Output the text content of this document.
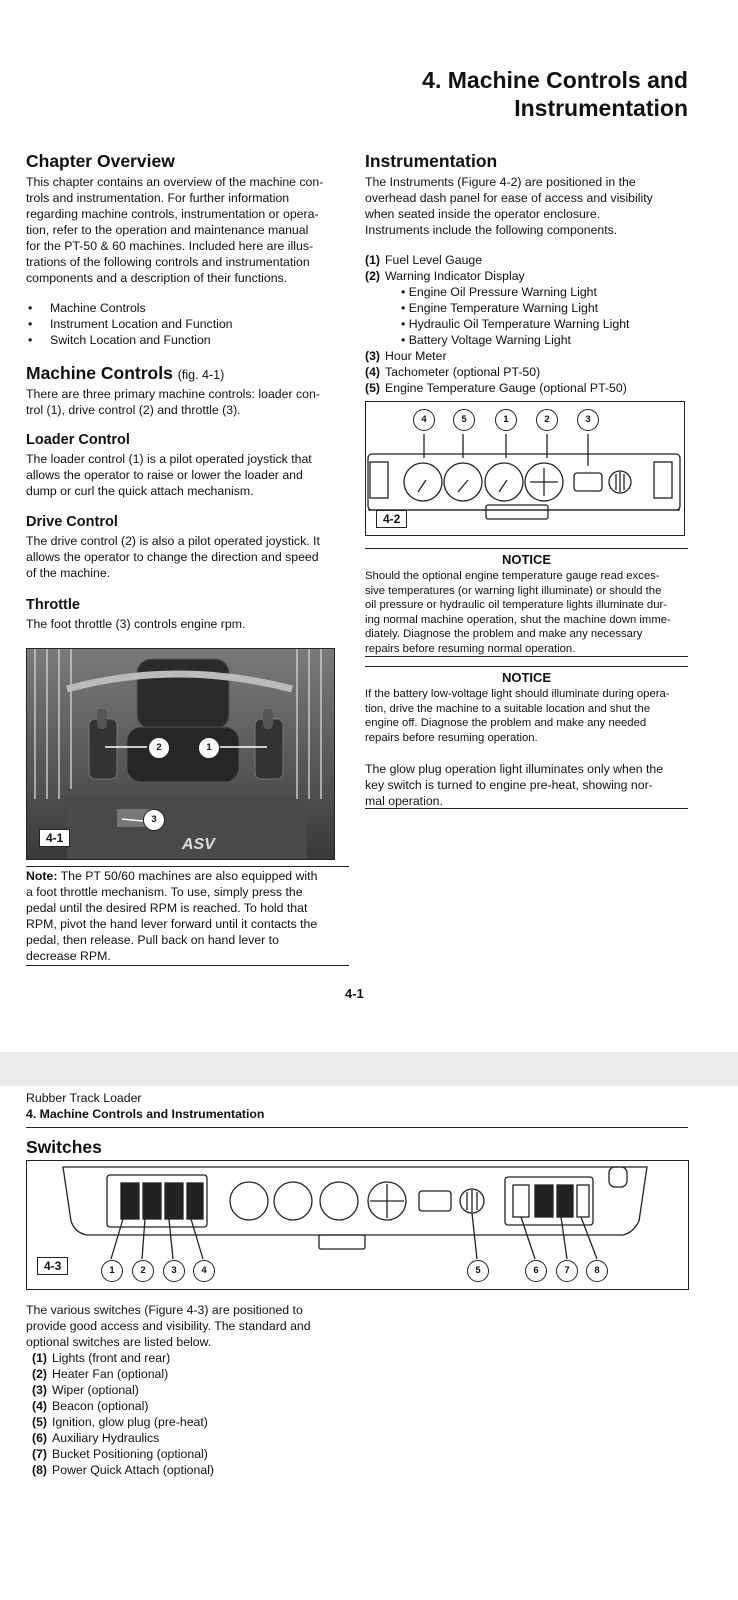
4. Machine Controls and
Instrumentation
Chapter Overview
This chapter contains an overview of the machine con-
trols and instrumentation. For further information
regarding machine controls, instrumentation or opera-
tion, refer to the operation and maintenance manual
for the PT-50 & 60 machines. Included here are illus-
trations of the following controls and instrumentation
components and a description of their functions.
• Machine Controls
• Instrument Location and Function
• Switch Location and Function
Machine Controls (fig. 4-1)
There are three primary machine controls: loader con-
trol (1), drive control (2) and throttle (3).
Loader Control
The loader control (1) is a pilot operated joystick that
allows the operator to raise or lower the loader and
dump or curl the quick attach mechanism.
Drive Control
The drive control (2) is also a pilot operated joystick. It
allows the operator to change the direction and speed
of the machine.
Throttle
The foot throttle (3) controls engine rpm.
ASV
2	1
3
4-1
Note: The PT 50/60 machines are also equipped with
a foot throttle mechanism. To use, simply press the
pedal until the desired RPM is reached. To hold that
RPM, pivot the hand lever forward until it contacts the
pedal, then release. Pull back on hand lever to
decrease RPM.
Instrumentation
The Instruments (Figure 4-2) are positioned in the
overhead dash panel for ease of access and visibility
when seated inside the operator enclosure.
Instruments include the following components.
(1) Fuel Level Gauge
(2) Warning Indicator Display
• Engine Oil Pressure Warning Light
• Engine Temperature Warning Light
• Hydraulic Oil Temperature Warning Light
• Battery Voltage Warning Light
(3) Hour Meter
(4) Tachometer (optional PT-50)
(5) Engine Temperature Gauge (optional PT-50)
4	5	1	2	3
4-2
NOTICE
Should the optional engine temperature gauge read exces-
sive temperatures (or warning light illuminate) or should the
oil pressure or hydraulic oil temperature lights illuminate dur-
ing normal machine operation, shut the machine down imme-
diately. Diagnose the problem and make any necessary
repairs before resuming normal operation.
NOTICE
If the battery low-voltage light should illuminate during opera-
tion, drive the machine to a suitable location and shut the
engine off. Diagnose the problem and make any needed
repairs before resuming operation.
The glow plug operation light illuminates only when the
key switch is turned to engine pre-heat, showing nor-
mal operation.
4-1
Rubber Track Loader
4. Machine Controls and Instrumentation
Switches
4-3	1	2	3	4	5	6	7	8
The various switches (Figure 4-3) are positioned to
provide good access and visibility. The standard and
optional switches are listed below.
(1) Lights (front and rear)
(2) Heater Fan (optional)
(3) Wiper (optional)
(4) Beacon (optional)
(5) Ignition, glow plug (pre-heat)
(6) Auxiliary Hydraulics
(7) Bucket Positioning (optional)
(8) Power Quick Attach (optional)
